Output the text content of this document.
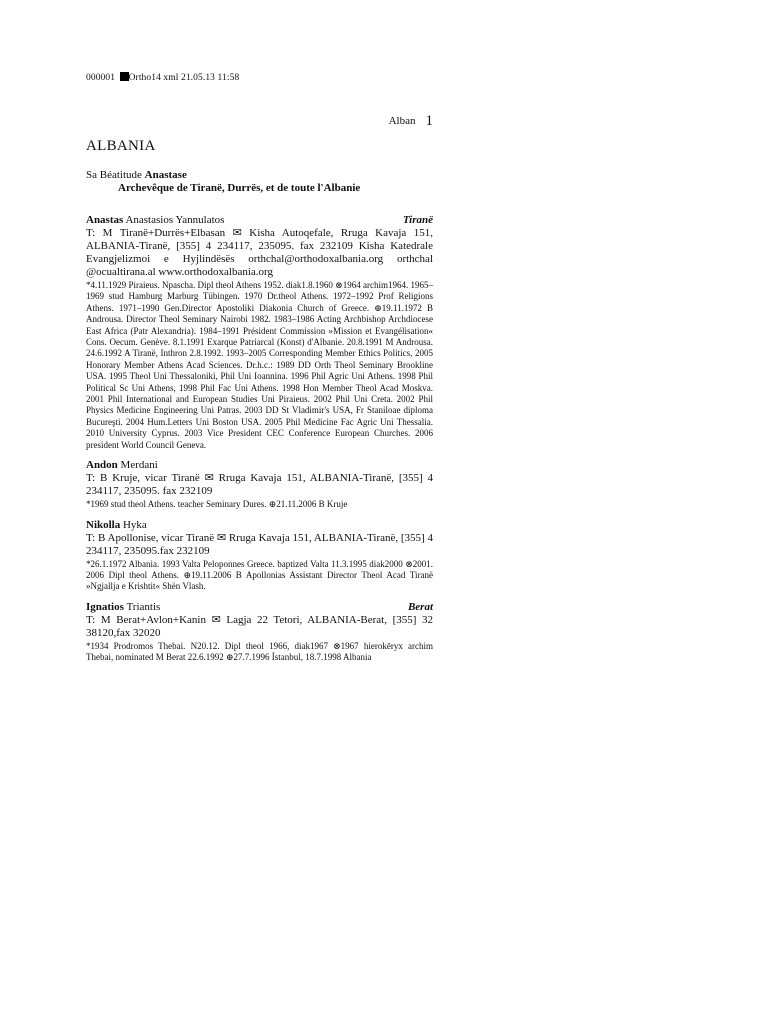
000001 Ortho14 xml 21.05.13 11:58
Alban 1
ALBANIA
Sa Béatitude Anastase
Archevêque de Tiranë, Durrës, et de toute l'Albanie
Anastas Anastasios Yannulatos	Tiranë
T: M Tiranë+Durrës+Elbasan ✉ Kisha Autoqefale, Rruga Kavaja 151, ALBANIA-Tiranë, [355] 4 234117, 235095. fax 232109 Kisha Katedrale Evangjelizmoi e Hyjlindësës orthchal@orthodoxalbania.org orthchal @ocualtirana.al www.orthodoxalbania.org
*4.11.1929 Piraieus. Npascha. Dipl theol Athens 1952. diak1.8.1960 ⊗1964 archim1964. 1965–1969 stud Hamburg Marburg Tübingen. 1970 Dr.theol Athens. 1972–1992 Prof Religions Athens. 1971–1990 Gen.Director Apostoliki Diakonia Church of Greece. ⊕19.11.1972 B Androusa. Director Theol Seminary Nairobi 1982. 1983–1986 Acting Archbishop Archdiocese East Africa (Patr Alexandria). 1984–1991 Président Commission »Mission et Evangélisation« Cons. Oecum. Genève. 8.1.1991 Exarque Patriarcal (Konst) d'Albanie. 20.8.1991 M Androusa. 24.6.1992 A Tiranë, Inthron 2.8.1992. 1993–2005 Corresponding Member Ethics Politics, 2005 Honorary Member Athens Acad Sciences. Dr.h.c.: 1989 DD Orth Theol Seminary Brookline USA. 1995 Theol Uni Thessaloniki, Phil Uni Ioannina. 1996 Phil Agric Uni Athens. 1998 Phil Political Sc Uni Athens, 1998 Phil Fac Uni Athens. 1998 Hon Member Theol Acad Moskva. 2001 Phil International and European Studies Uni Piraieus. 2002 Phil Uni Creta. 2002 Phil Physics Medicine Engineering Uni Patras. 2003 DD St Vladimir's USA, Fr Staniloae diploma Bucureşti. 2004 Hum.Letters Uni Boston USA. 2005 Phil Medicine Fac Agric Uni Thessalia. 2010 University Cyprus. 2003 Vice President CEC Conference European Churches. 2006 president World Council Geneva.
Andon Merdani
T: B Kruje, vicar Tiranë ✉ Rruga Kavaja 151, ALBANIA-Tiranë, [355] 4 234117, 235095. fax 232109
*1969 stud theol Athens. teacher Seminary Dures. ⊕21.11.2006 B Kruje
Nikolla Hyka
T: B Apollonise, vicar Tiranë ✉ Rruga Kavaja 151, ALBANIA-Tiranë, [355] 4 234117, 235095.fax 232109
*26.1.1972 Albania. 1993 Valta Peloponnes Greece. baptized Valta 11.3.1995 diak2000 ⊗2001. 2006 Dipl theol Athens. ⊕19.11.2006 B Apollonias Assistant Director Theol Acad Tiranë »Ngjallja e Krishtit« Shën Vlash.
Ignatios Triantis	Berat
T: M Berat+Avlon+Kanin ✉ Lagja 22 Tetori, ALBANIA-Berat, [355] 32 38120,fax 32020
*1934 Prodromos Thebai. N20.12. Dipl theol 1966, diak1967 ⊗1967 hierokēryx archim Thebai, nominated M Berat 22.6.1992 ⊕27.7.1996 İstanbul, 18.7.1998 Albania
